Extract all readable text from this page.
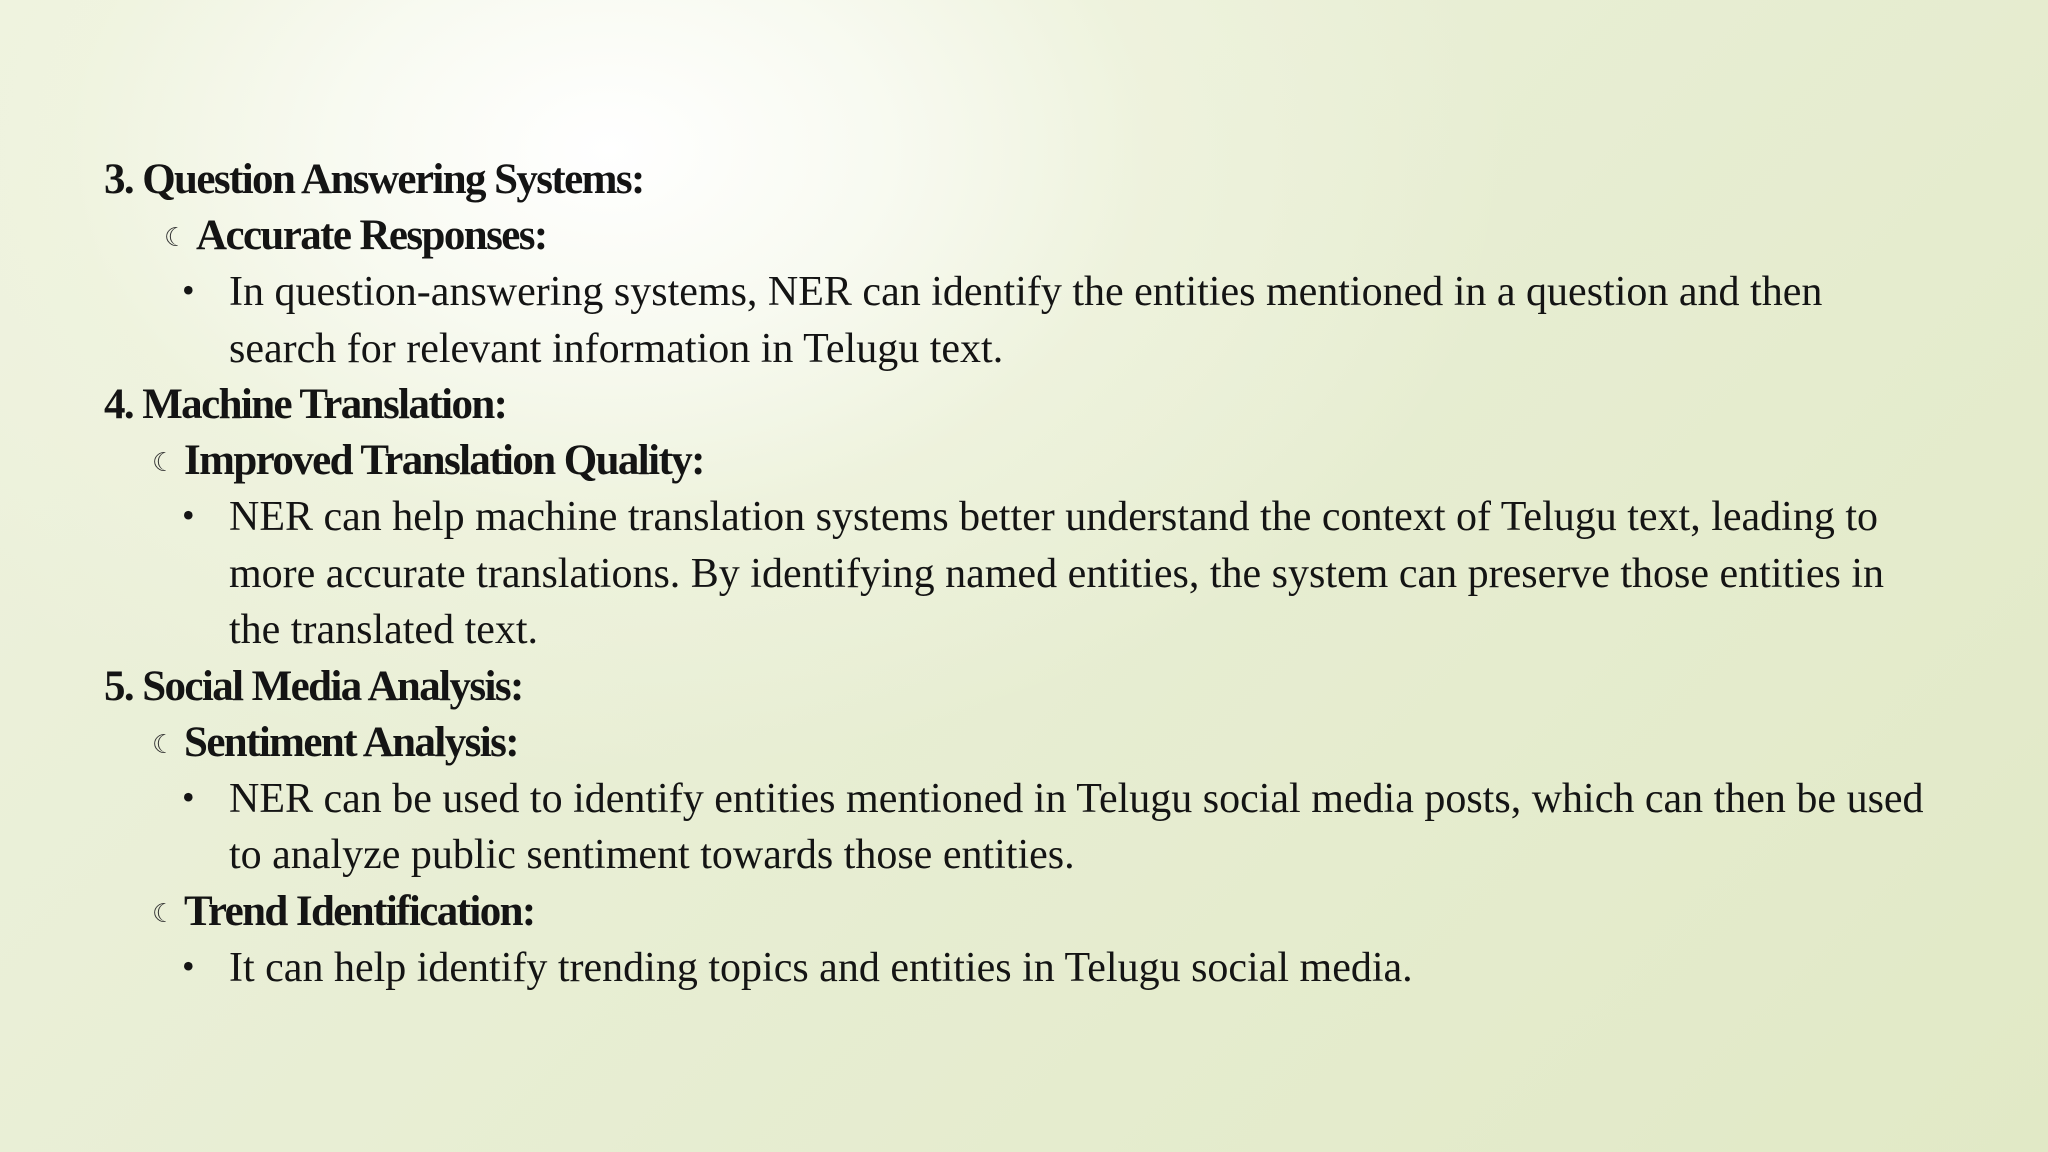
3. Question Answering Systems:
☾ Accurate Responses:
• In question-answering systems, NER can identify the entities mentioned in a question and then search for relevant information in Telugu text.
4. Machine Translation:
☾ Improved Translation Quality:
• NER can help machine translation systems better understand the context of Telugu text, leading to more accurate translations. By identifying named entities, the system can preserve those entities in the translated text.
5. Social Media Analysis:
☾ Sentiment Analysis:
• NER can be used to identify entities mentioned in Telugu social media posts, which can then be used to analyze public sentiment towards those entities.
☾ Trend Identification:
• It can help identify trending topics and entities in Telugu social media.
